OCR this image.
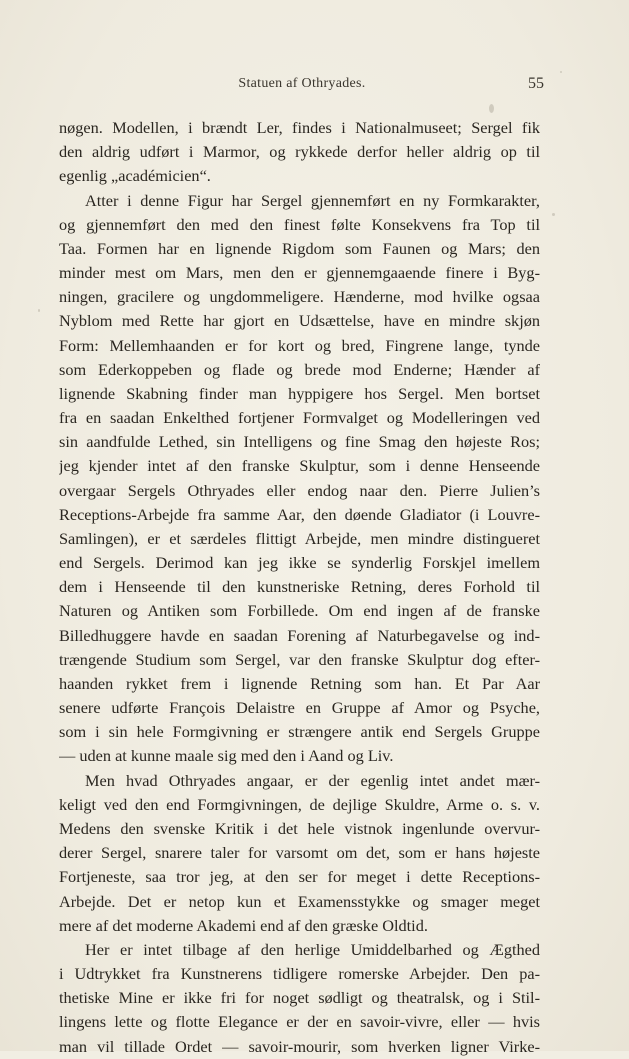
Statuen af Othryades.	55
nøgen. Modellen, i brændt Ler, findes i Nationalmuseet; Sergel fik
den aldrig udført i Marmor, og rykkede derfor heller aldrig op til
egenlig „académicien“.
Atter i denne Figur har Sergel gjennemført en ny Formkarakter,
og gjennemført den med den finest følte Konsekvens fra Top til
Taa. Formen har en lignende Rigdom som Faunen og Mars; den
minder mest om Mars, men den er gjennemgaaende finere i Byg-
ningen, gracilere og ungdommeligere. Hænderne, mod hvilke ogsaa
Nyblom med Rette har gjort en Udsættelse, have en mindre skjøn
Form: Mellemhaanden er for kort og bred, Fingrene lange, tynde
som Ederkoppeben og flade og brede mod Enderne; Hænder af
lignende Skabning finder man hyppigere hos Sergel. Men bortset
fra en saadan Enkelthed fortjener Formvalget og Modelleringen ved
sin aandfulde Lethed, sin Intelligens og fine Smag den højeste Ros;
jeg kjender intet af den franske Skulptur, som i denne Henseende
overgaar Sergels Othryades eller endog naar den. Pierre Julien’s
Receptions-Arbejde fra samme Aar, den døende Gladiator (i Louvre-
Samlingen), er et særdeles flittigt Arbejde, men mindre distingueret
end Sergels. Derimod kan jeg ikke se synderlig Forskjel imellem
dem i Henseende til den kunstneriske Retning, deres Forhold til
Naturen og Antiken som Forbillede. Om end ingen af de franske
Billedhuggere havde en saadan Forening af Naturbegavelse og ind-
trængende Studium som Sergel, var den franske Skulptur dog efter-
haanden rykket frem i lignende Retning som han. Et Par Aar
senere udførte François Delaistre en Gruppe af Amor og Psyche,
som i sin hele Formgivning er strængere antik end Sergels Gruppe
— uden at kunne maale sig med den i Aand og Liv.
Men hvad Othryades angaar, er der egenlig intet andet mær-
keligt ved den end Formgivningen, de dejlige Skuldre, Arme o. s. v.
Medens den svenske Kritik i det hele vistnok ingenlunde overvur-
derer Sergel, snarere taler for varsomt om det, som er hans højeste
Fortjeneste, saa tror jeg, at den ser for meget i dette Receptions-
Arbejde. Det er netop kun et Examensstykke og smager meget
mere af det moderne Akademi end af den græske Oldtid.
Her er intet tilbage af den herlige Umiddelbarhed og Ægthed
i Udtrykket fra Kunstnerens tidligere romerske Arbejder. Den pa-
thetiske Mine er ikke fri for noget sødligt og theatralsk, og i Stil-
lingens lette og flotte Elegance er der en savoir-vivre, eller — hvis
man vil tillade Ordet — savoir-mourir, som hverken ligner Virke-
